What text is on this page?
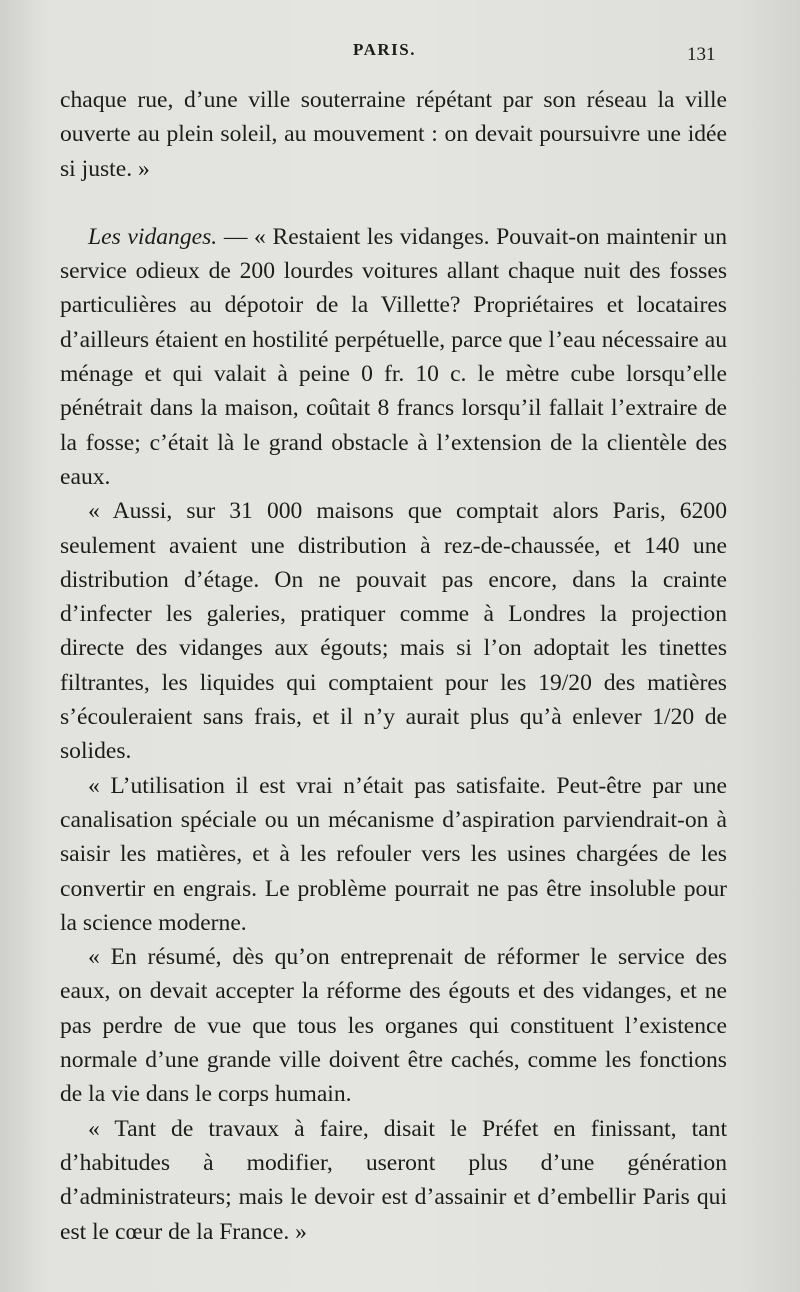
PARIS.	131

chaque rue, d’une ville souterraine répétant par son réseau la ville ouverte au plein soleil, au mouvement : on devait poursuivre une idée si juste. »

Les vidanges. — « Restaient les vidanges. Pouvait-on maintenir un service odieux de 200 lourdes voitures allant chaque nuit des fosses particulières au dépotoir de la Villette? Propriétaires et locataires d’ailleurs étaient en hostilité perpétuelle, parce que l’eau nécessaire au ménage et qui valait à peine 0 fr. 10 c. le mètre cube lorsqu’elle pénétrait dans la maison, coûtait 8 francs lorsqu’il fallait l’extraire de la fosse; c’était là le grand obstacle à l’extension de la clientèle des eaux.

« Aussi, sur 31 000 maisons que comptait alors Paris, 6200 seulement avaient une distribution à rez-de-chaussée, et 140 une distribution d’étage. On ne pouvait pas encore, dans la crainte d’infecter les galeries, pratiquer comme à Londres la projection directe des vidanges aux égouts; mais si l’on adoptait les tinettes filtrantes, les liquides qui comptaient pour les 19/20 des matières s’écouleraient sans frais, et il n’y aurait plus qu’à enlever 1/20 de solides.

« L’utilisation il est vrai n’était pas satisfaite. Peut-être par une canalisation spéciale ou un mécanisme d’aspiration parviendrait-on à saisir les matières, et à les refouler vers les usines chargées de les convertir en engrais. Le problème pourrait ne pas être insoluble pour la science moderne.

« En résumé, dès qu’on entreprenait de réformer le service des eaux, on devait accepter la réforme des égouts et des vidanges, et ne pas perdre de vue que tous les organes qui constituent l’existence normale d’une grande ville doivent être cachés, comme les fonctions de la vie dans le corps humain.

« Tant de travaux à faire, disait le Préfet en finissant, tant d’habitudes à modifier, useront plus d’une génération d’administrateurs; mais le devoir est d’assainir et d’embellir Paris qui est le cœur de la France. »
